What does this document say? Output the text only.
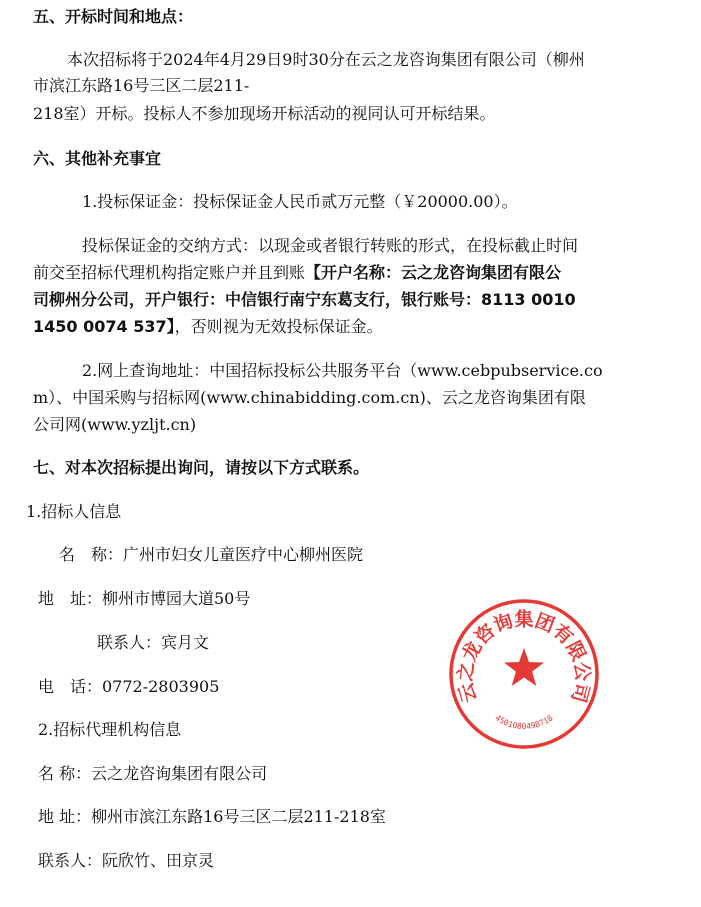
五、开标时间和地点：
本次招标将于2024年4月29日9时30分在云之龙咨询集团有限公司（柳州
市滨江东路16号三区二层211-
218室）开标。投标人不参加现场开标活动的视同认可开标结果。
六、其他补充事宜
1.投标保证金：投标保证金人民币贰万元整（￥20000.00）。
投标保证金的交纳方式：以现金或者银行转账的形式，在投标截止时间
前交至招标代理机构指定账户并且到账【开户名称：云之龙咨询集团有限公
司柳州分公司，开户银行：中信银行南宁东葛支行，银行账号：8113 0010
1450 0074 537】，否则视为无效投标保证金。
2.网上查询地址：中国招标投标公共服务平台（www.cebpubservice.co
m）、中国采购与招标网(www.chinabidding.com.cn)、云之龙咨询集团有限
公司网(www.yzljt.cn)
七、对本次招标提出询问，请按以下方式联系。
1.招标人信息
名　称：广州市妇女儿童医疗中心柳州医院
地　址：柳州市博园大道50号
联系人：宾月文
电　话：0772-2803905
2.招标代理机构信息
名 称：云之龙咨询集团有限公司
地 址：柳州市滨江东路16号三区二层211-218室
联系人：阮欣竹、田京灵
云之龙咨询集团有限公司
4501080498718
